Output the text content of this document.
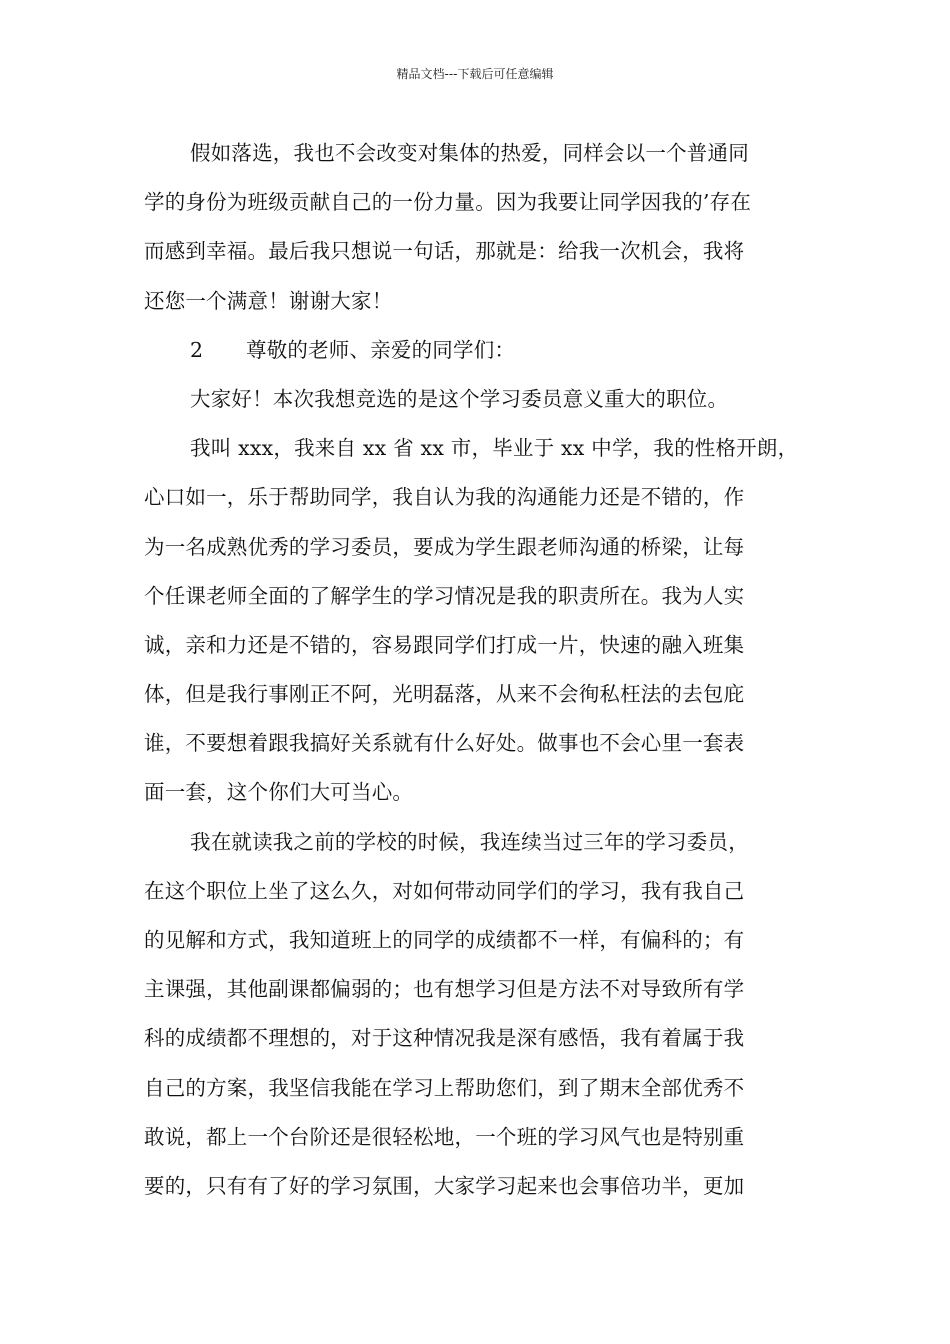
精品文档---下载后可任意编辑
假如落选，我也不会改变对集体的热爱，同样会以一个普通同
学的身份为班级贡献自己的一份力量。因为我要让同学因我的’存在
而感到幸福。最后我只想说一句话，那就是：给我一次机会，我将
还您一个满意！谢谢大家！
2 尊敬的老师、亲爱的同学们：
大家好！本次我想竞选的是这个学习委员意义重大的职位。
我叫 xxx，我来自 xx 省 xx 市，毕业于 xx 中学，我的性格开朗，
心口如一，乐于帮助同学，我自认为我的沟通能力还是不错的，作
为一名成熟优秀的学习委员，要成为学生跟老师沟通的桥梁，让每
个任课老师全面的了解学生的学习情况是我的职责所在。我为人实
诚，亲和力还是不错的，容易跟同学们打成一片，快速的融入班集
体，但是我行事刚正不阿，光明磊落，从来不会徇私枉法的去包庇
谁，不要想着跟我搞好关系就有什么好处。做事也不会心里一套表
面一套，这个你们大可当心。
我在就读我之前的学校的时候，我连续当过三年的学习委员，
在这个职位上坐了这么久，对如何带动同学们的学习，我有我自己
的见解和方式，我知道班上的同学的成绩都不一样，有偏科的；有
主课强，其他副课都偏弱的；也有想学习但是方法不对导致所有学
科的成绩都不理想的，对于这种情况我是深有感悟，我有着属于我
自己的方案，我坚信我能在学习上帮助您们，到了期末全部优秀不
敢说，都上一个台阶还是很轻松地，一个班的学习风气也是特别重
要的，只有有了好的学习氛围，大家学习起来也会事倍功半，更加
